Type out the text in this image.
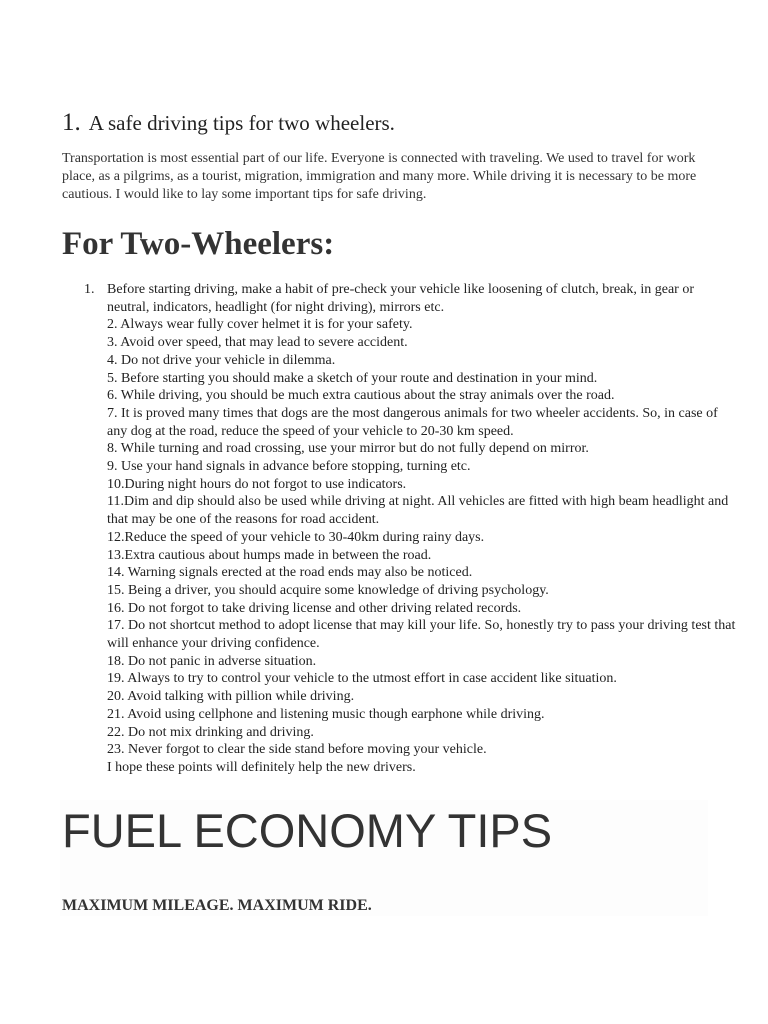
1. A safe driving tips for two wheelers.

Transportation is most essential part of our life. Everyone is connected with traveling. We used to travel for work place, as a pilgrims, as a tourist, migration, immigration and many more. While driving it is necessary to be more cautious. I would like to lay some important tips for safe driving.

For Two-Wheelers:
1. Before starting driving, make a habit of pre-check your vehicle like loosening of clutch, break, in gear or neutral, indicators, headlight (for night driving), mirrors etc.
2. Always wear fully cover helmet it is for your safety.
3. Avoid over speed, that may lead to severe accident.
4. Do not drive your vehicle in dilemma.
5. Before starting you should make a sketch of your route and destination in your mind.
6. While driving, you should be much extra cautious about the stray animals over the road.
7. It is proved many times that dogs are the most dangerous animals for two wheeler accidents. So, in case of any dog at the road, reduce the speed of your vehicle to 20-30 km speed.
8. While turning and road crossing, use your mirror but do not fully depend on mirror.
9. Use your hand signals in advance before stopping, turning etc.
10.During night hours do not forgot to use indicators.
11.Dim and dip should also be used while driving at night. All vehicles are fitted with high beam headlight and that may be one of the reasons for road accident.
12.Reduce the speed of your vehicle to 30-40km during rainy days.
13.Extra cautious about humps made in between the road.
14. Warning signals erected at the road ends may also be noticed.
15. Being a driver, you should acquire some knowledge of driving psychology.
16. Do not forgot to take driving license and other driving related records.
17. Do not shortcut method to adopt license that may kill your life. So, honestly try to pass your driving test that will enhance your driving confidence.
18. Do not panic in adverse situation.
19. Always to try to control your vehicle to the utmost effort in case accident like situation.
20. Avoid talking with pillion while driving.
21. Avoid using cellphone and listening music though earphone while driving.
22. Do not mix drinking and driving.
23. Never forgot to clear the side stand before moving your vehicle.
I hope these points will definitely help the new drivers.
FUEL ECONOMY TIPS

MAXIMUM MILEAGE. MAXIMUM RIDE.
